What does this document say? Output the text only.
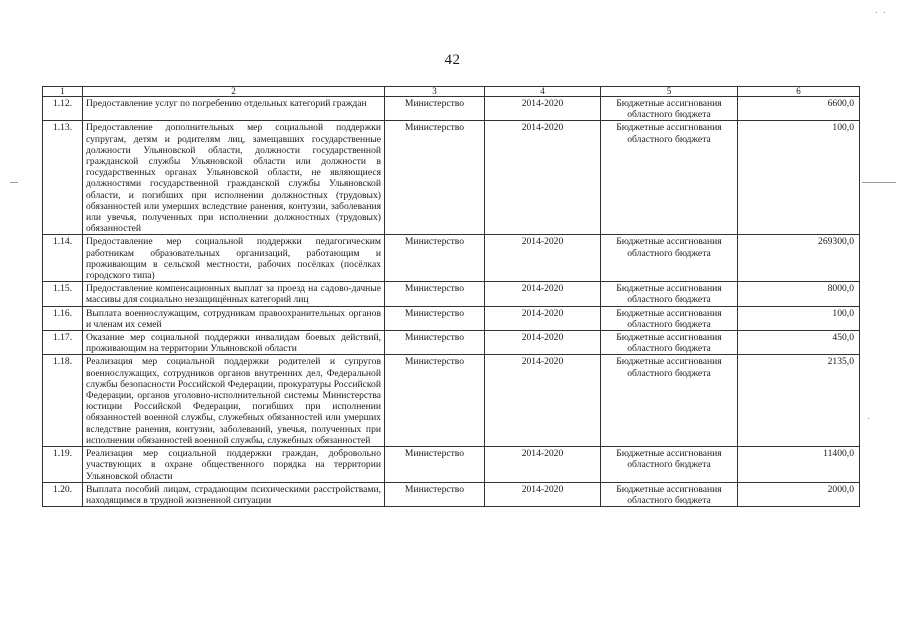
42
1	2	3	4	5	6
1.12.	Предоставление услуг по погребению отдельных категорий граждан	Министерство	2014-2020	Бюджетные ассигнования областного бюджета	6600,0
1.13.	Предоставление дополнительных мер социальной поддержки супругам, детям и родителям лиц, замещавших государственные должности Ульяновской области, должности государственной гражданской службы Ульяновской области или должности в государственных органах Ульяновской области, не являющиеся должностями государственной гражданской службы Ульяновской области, и погибших при исполнении должностных (трудовых) обязанностей или умерших вследствие ранения, контузии, заболевания или увечья, полученных при исполнении должностных (трудовых) обязанностей	Министерство	2014-2020	Бюджетные ассигнования областного бюджета	100,0
1.14.	Предоставление мер социальной поддержки педагогическим работникам образовательных организаций, работающим и проживающим в сельской местности, рабочих посёлках (посёлках городского типа)	Министерство	2014-2020	Бюджетные ассигнования областного бюджета	269300,0
1.15.	Предоставление компенсационных выплат за проезд на садово-дачные массивы для социально незащищённых категорий лиц	Министерство	2014-2020	Бюджетные ассигнования областного бюджета	8000,0
1.16.	Выплата военнослужащим, сотрудникам правоохранительных органов и членам их семей	Министерство	2014-2020	Бюджетные ассигнования областного бюджета	100,0
1.17.	Оказание мер социальной поддержки инвалидам боевых действий, проживающим на территории Ульяновской области	Министерство	2014-2020	Бюджетные ассигнования областного бюджета	450,0
1.18.	Реализация мер социальной поддержки родителей и супругов военнослужащих, сотрудников органов внутренних дел, Федеральной службы безопасности Российской Федерации, прокуратуры Российской Федерации, органов уголовно-исполнительной системы Министерства юстиции Российской Федерации, погибших при исполнении обязанностей военной службы, служебных обязанностей или умерших вследствие ранения, контузии, заболеваний, увечья, полученных при исполнении обязанностей военной службы, служебных обязанностей	Министерство	2014-2020	Бюджетные ассигнования областного бюджета	2135,0
1.19.	Реализация мер социальной поддержки граждан, добровольно участвующих в охране общественного порядка на территории Ульяновской области	Министерство	2014-2020	Бюджетные ассигнования областного бюджета	11400,0
1.20.	Выплата пособий лицам, страдающим психическими расстройствами, находящимся в трудной жизненной ситуации	Министерство	2014-2020	Бюджетные ассигнования областного бюджета	2000,0
